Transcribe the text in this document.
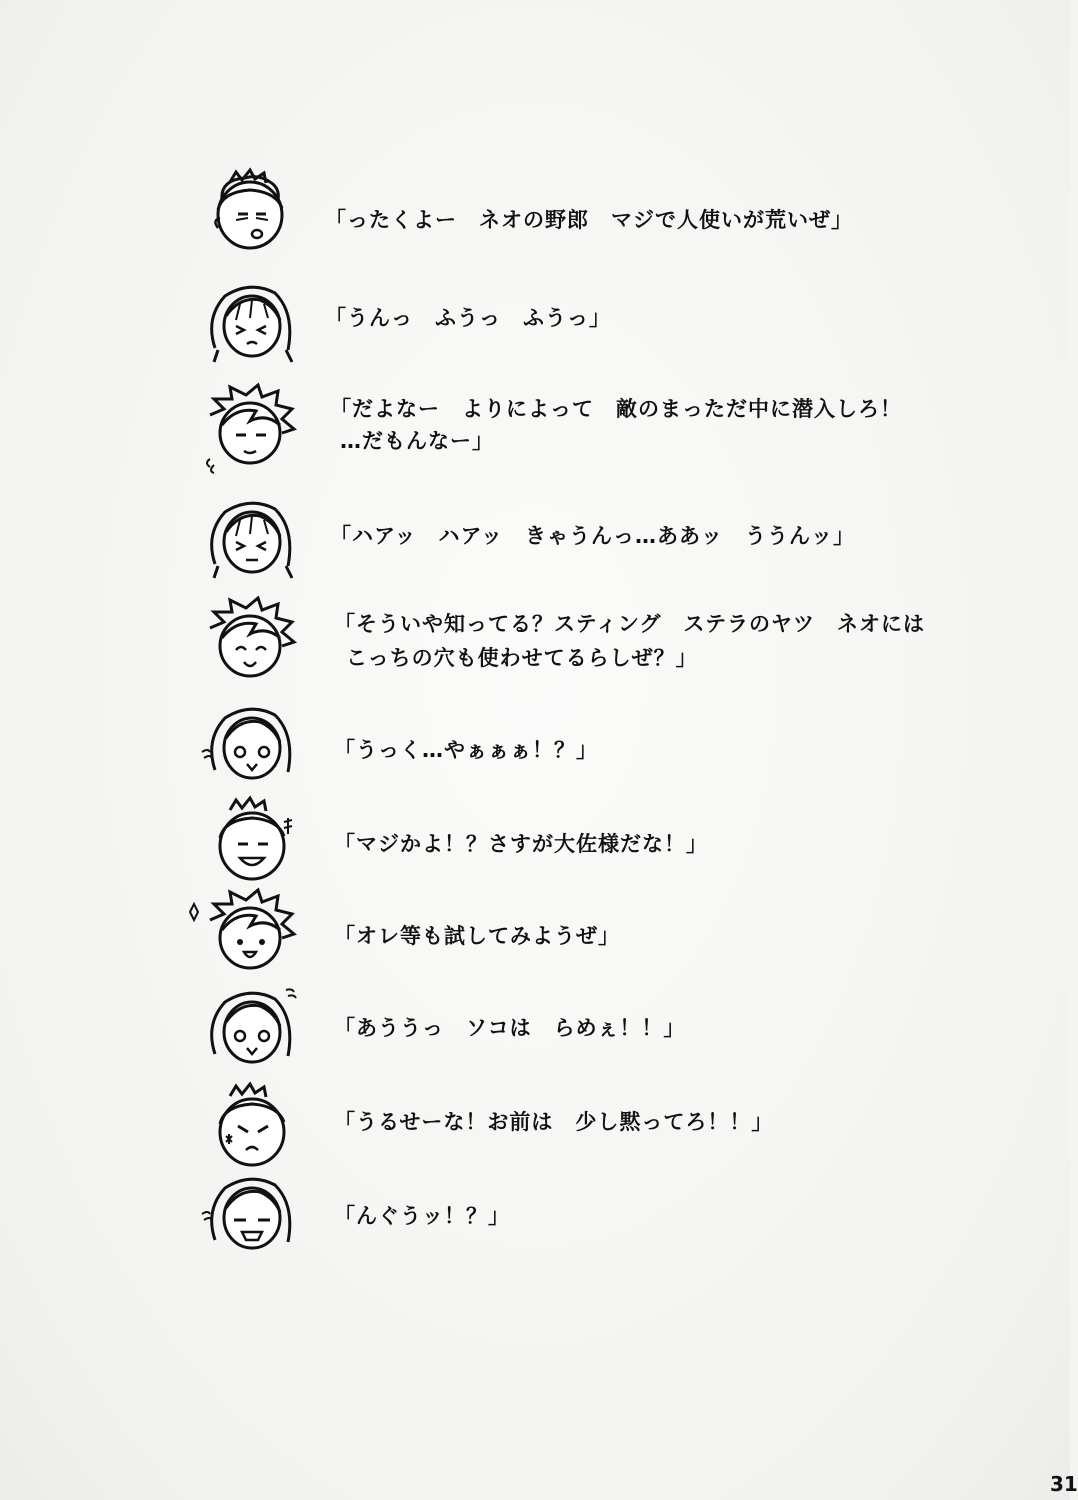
「ったくよー　ネオの野郎　マジで人使いが荒いぜ」
「うんっ　ふうっ　ふうっ」
「だよなー　よりによって　敵のまっただ中に潜入しろ！
…だもんなー」
「ハアッ　ハアッ　きゃうんっ…ああッ　ううんッ」
「そういや知ってる？スティング　ステラのヤツ　ネオには
こっちの穴も使わせてるらしぜ？」
「うっく…やぁぁぁ！？」
「マジかよ！？さすが大佐様だな！」
「オレ等も試してみようぜ」
「あううっ　ソコは　らめぇ！！」
「うるせーな！お前は　少し黙ってろ！！」
「んぐうッ！？」
31
